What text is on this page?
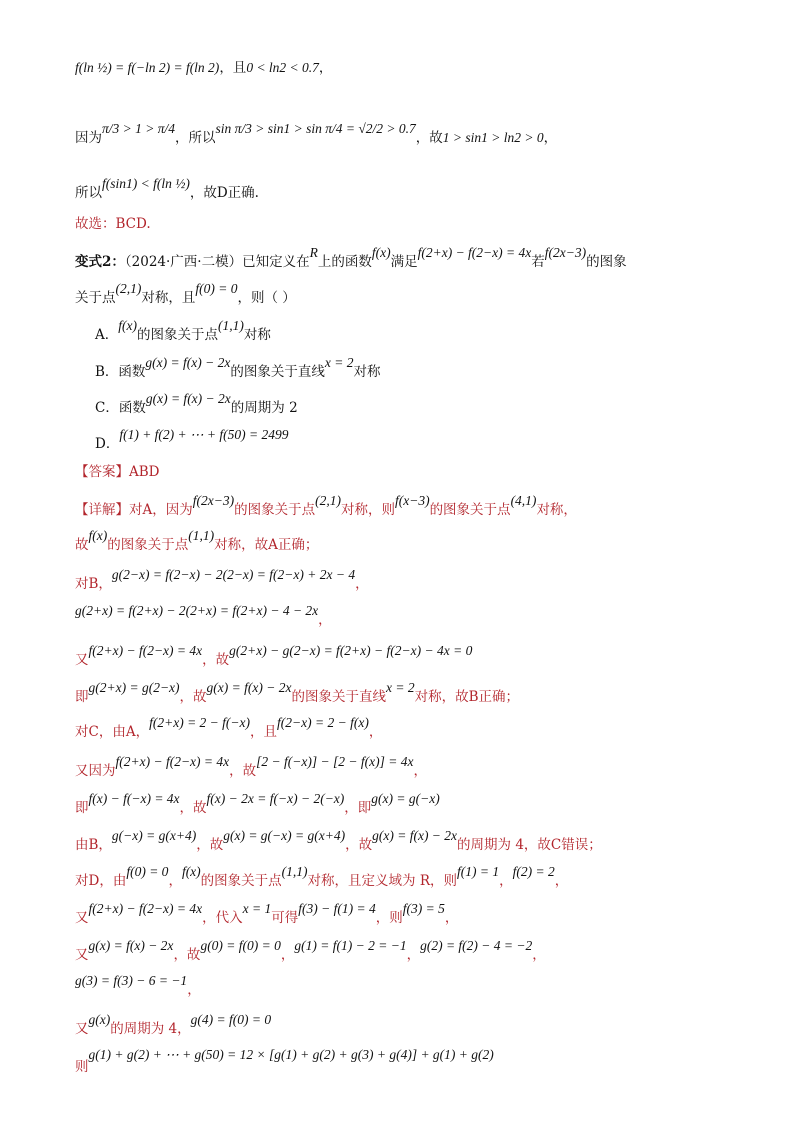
f(ln ½) = f(−ln 2) = f(ln 2)，且0 < ln2 < 0.7，
因为π/3 > 1 > π/4，所以sin π/3 > sin1 > sin π/4 = √2/2 > 0.7，故1 > sin1 > ln2 > 0，
所以f(sin1) < f(ln ½)，故D正确.
故选：BCD.
变式2：（2024·广西·二模）已知定义在R上的函数f(x)满足f(2+x) − f(2−x) = 4x若f(2x−3)的图象
关于点(2,1)对称，且f(0) = 0，则（ ）
A．f(x)的图象关于点(1,1)对称
B．函数g(x) = f(x) − 2x的图象关于直线x = 2对称
C．函数g(x) = f(x) − 2x的周期为 2
D．f(1) + f(2) + ⋯ + f(50) = 2499
【答案】ABD
【详解】对A，因为f(2x−3)的图象关于点(2,1)对称，则f(x−3)的图象关于点(4,1)对称，
故f(x)的图象关于点(1,1)对称，故A正确；
对B，g(2−x) = f(2−x) − 2(2−x) = f(2−x) + 2x − 4，
g(2+x) = f(2+x) − 2(2+x) = f(2+x) − 4 − 2x，
又f(2+x) − f(2−x) = 4x，故g(2+x) − g(2−x) = f(2+x) − f(2−x) − 4x = 0
即g(2+x) = g(2−x)，故g(x) = f(x) − 2x的图象关于直线x = 2对称，故B正确；
对C，由A，f(2+x) = 2 − f(−x)，且f(2−x) = 2 − f(x)，
又因为f(2+x) − f(2−x) = 4x，故[2 − f(−x)] − [2 − f(x)] = 4x，
即f(x) − f(−x) = 4x，故f(x) − 2x = f(−x) − 2(−x)，即g(x) = g(−x)
由B，g(−x) = g(x+4)，故g(x) = g(−x) = g(x+4)，故g(x) = f(x) − 2x的周期为 4，故C错误；
对D，由f(0) = 0，f(x)的图象关于点(1,1)对称，且定义域为 R，则f(1) = 1，f(2) = 2，
又f(2+x) − f(2−x) = 4x，代入x = 1可得f(3) − f(1) = 4，则f(3) = 5，
又g(x) = f(x) − 2x，故g(0) = f(0) = 0，g(1) = f(1) − 2 = −1，g(2) = f(2) − 4 = −2，
g(3) = f(3) − 6 = −1，
又g(x)的周期为 4，g(4) = f(0) = 0
则g(1) + g(2) + ⋯ + g(50) = 12 × [g(1) + g(2) + g(3) + g(4)] + g(1) + g(2)
